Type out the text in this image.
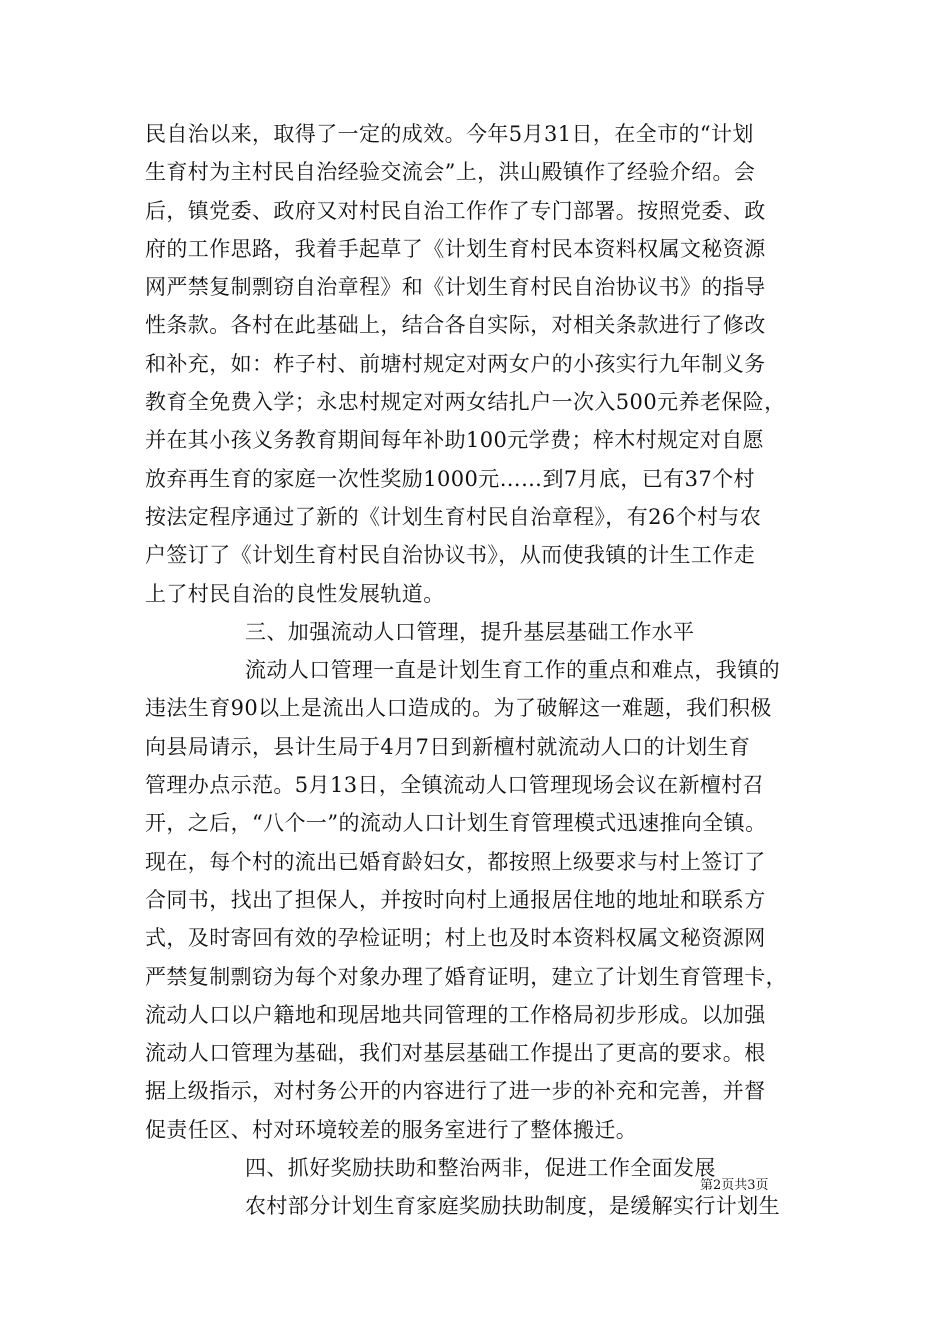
民自治以来，取得了一定的成效。今年5月31日，在全市的“计划
生育村为主村民自治经验交流会”上，洪山殿镇作了经验介绍。会
后，镇党委、政府又对村民自治工作作了专门部署。按照党委、政
府的工作思路，我着手起草了《计划生育村民本资料权属文秘资源
网严禁复制剽窃自治章程》和《计划生育村民自治协议书》的指导
性条款。各村在此基础上，结合各自实际，对相关条款进行了修改
和补充，如：柞子村、前塘村规定对两女户的小孩实行九年制义务
教育全免费入学；永忠村规定对两女结扎户一次入500元养老保险，
并在其小孩义务教育期间每年补助100元学费；梓木村规定对自愿
放弃再生育的家庭一次性奖励1000元……到7月底，已有37个村
按法定程序通过了新的《计划生育村民自治章程》，有26个村与农
户签订了《计划生育村民自治协议书》，从而使我镇的计生工作走
上了村民自治的良性发展轨道。
三、加强流动人口管理，提升基层基础工作水平
流动人口管理一直是计划生育工作的重点和难点，我镇的
违法生育90以上是流出人口造成的。为了破解这一难题，我们积极
向县局请示，县计生局于4月7日到新檀村就流动人口的计划生育
管理办点示范。5月13日，全镇流动人口管理现场会议在新檀村召
开，之后，“八个一”的流动人口计划生育管理模式迅速推向全镇。
现在，每个村的流出已婚育龄妇女，都按照上级要求与村上签订了
合同书，找出了担保人，并按时向村上通报居住地的地址和联系方
式，及时寄回有效的孕检证明；村上也及时本资料权属文秘资源网
严禁复制剽窃为每个对象办理了婚育证明，建立了计划生育管理卡，
流动人口以户籍地和现居地共同管理的工作格局初步形成。以加强
流动人口管理为基础，我们对基层基础工作提出了更高的要求。根
据上级指示，对村务公开的内容进行了进一步的补充和完善，并督
促责任区、村对环境较差的服务室进行了整体搬迁。
四、抓好奖励扶助和整治两非，促进工作全面发展
农村部分计划生育家庭奖励扶助制度，是缓解实行计划生
第2页共3页
